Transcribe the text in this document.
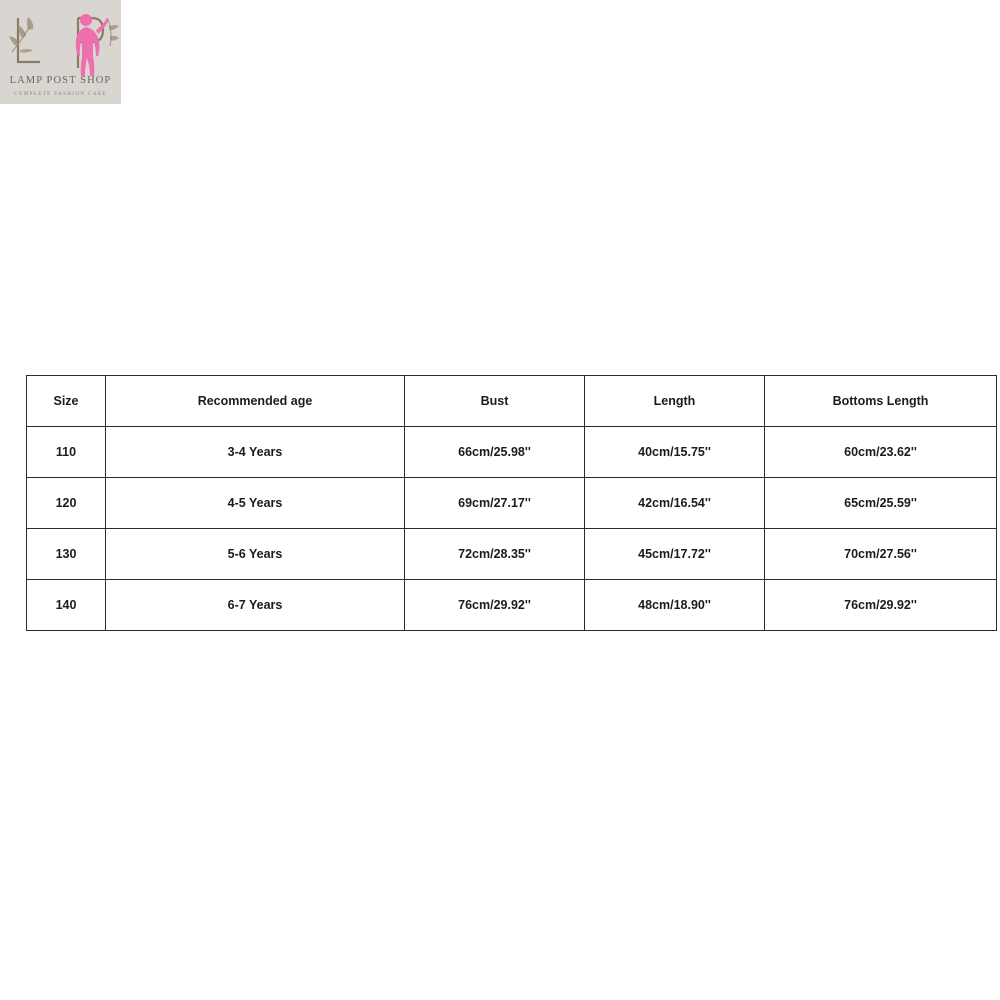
LAMP POST SHOP
COMPLETE FASHION CARE
Size	Recommended age	Bust	Length	Bottoms Length
110	3-4 Years	66cm/25.98''	40cm/15.75''	60cm/23.62''
120	4-5 Years	69cm/27.17''	42cm/16.54''	65cm/25.59''
130	5-6 Years	72cm/28.35''	45cm/17.72''	70cm/27.56''
140	6-7 Years	76cm/29.92''	48cm/18.90''	76cm/29.92''
